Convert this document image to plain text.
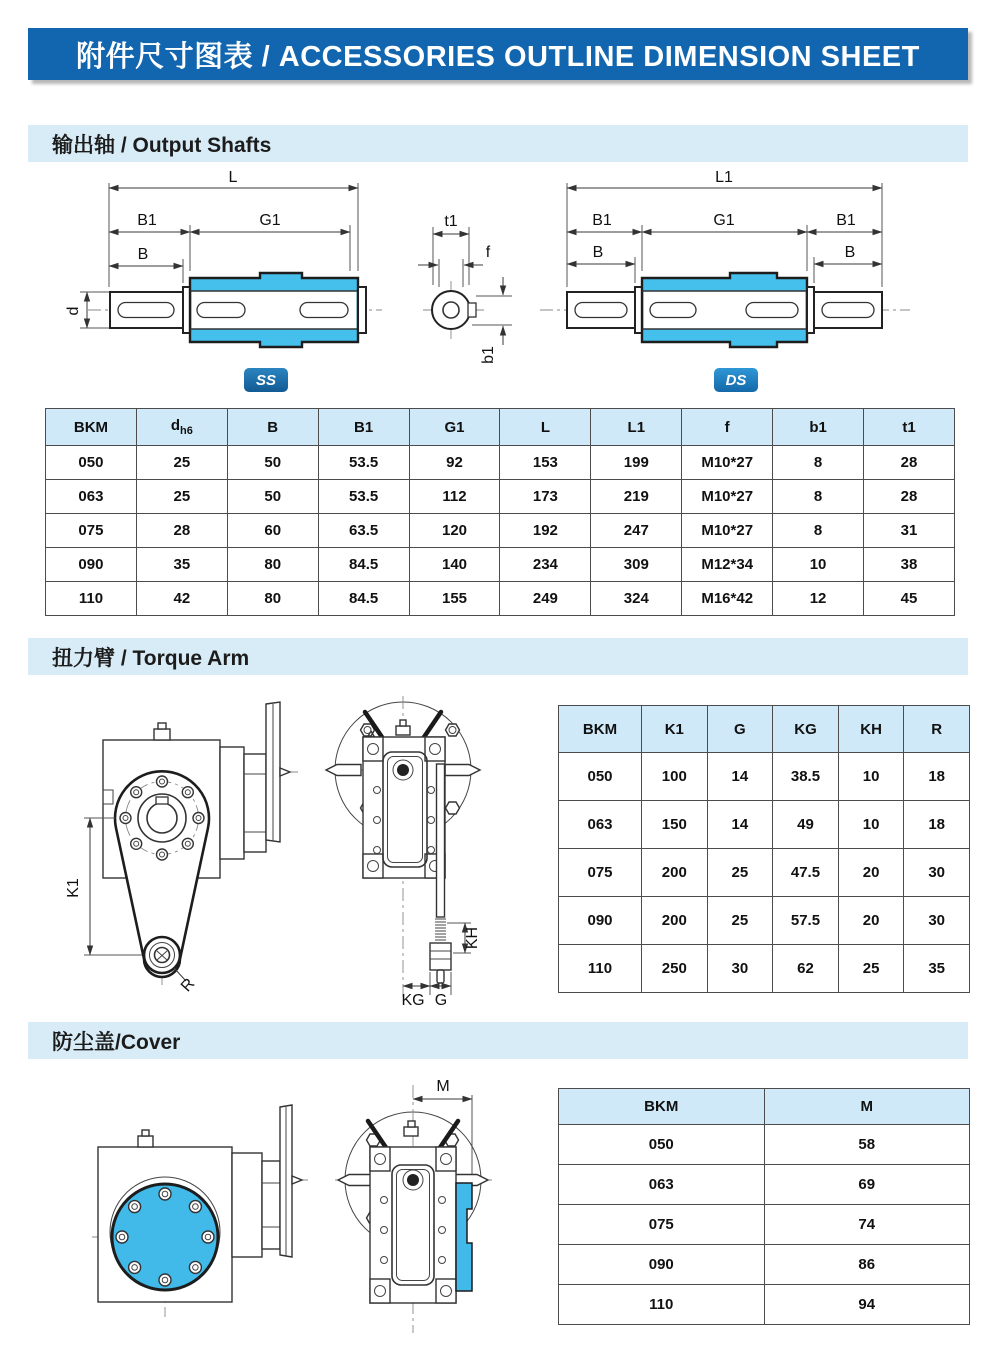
附件尺寸图表 / ACCESSORIES OUTLINE DIMENSION SHEET
输出轴 / Output Shafts
L
B1	G1
B
d
SS
t1
f
b1
L1
B1	G1	B1
B	B
DS
BKM	$d_{h6}$	B	B1	G1	L	L1	f	b1	t1
050	25	50	53.5	92	153	199	M10*27	8	28
063	25	50	53.5	112	173	219	M10*27	8	28
075	28	60	63.5	120	192	247	M10*27	8	31
090	35	80	84.5	140	234	309	M12*34	10	38
110	42	80	84.5	155	249	324	M16*42	12	45
扭力臂 / Torque Arm
K1
R
KH
KG G
BKM	K1	G	KG	KH	R
050	100	14	38.5	10	18
063	150	14	49	10	18
075	200	25	47.5	20	30
090	200	25	57.5	20	30
110	250	30	62	25	35
防尘盖/Cover
M
BKM	M
050	58
063	69
075	74
090	86
110	94
